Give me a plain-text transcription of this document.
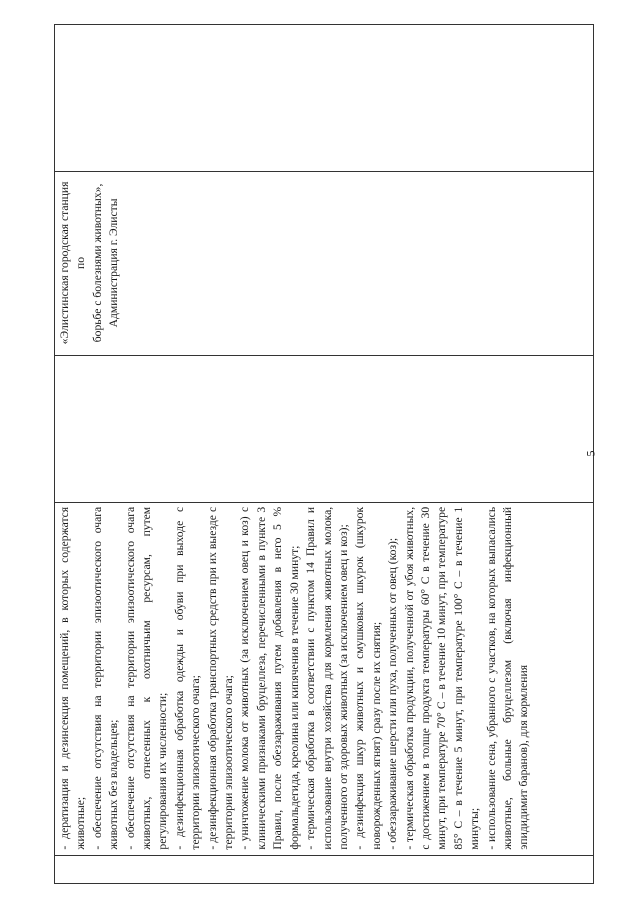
- дератизация и дезинсекция помещений, в которых содержатся животные; - обеспечение отсутствия на территории эпизоотического очага животных без владельцев; - обеспечение отсутствия на территории эпизоотического очага животных, отнесенных к охотничьим ресурсам, путем регулирования их численности; - дезинфекционная обработка одежды и обуви при выходе с территории эпизоотического очага; - дезинфекционная обработка транспортных средств при их выезде с территории эпизоотического очага; - уничтожение молока от животных (за исключением овец и коз) с клиническими признаками бруцеллеза, перечисленными в пункте 3 Правил, после обеззараживания путем добавления в него 5 % формальдегида, креолина или кипячения в течение 30 минут; - термическая обработка в соответствии с пунктом 14 Правил и использование внутри хозяйства для кормления животных молока, полученного от здоровых животных (за исключением овец и коз); - дезинфекция шкур животных и смушковых шкурок (шкурок новорожденных ягнят) сразу после их снятия; - обеззараживание шерсти или пуха, полученных от овец (коз); - термическая обработка продукции, полученной от убоя животных, с достижением в толще продукта температуры 60° С в течение 30 минут, при температуре 70° С – в течение 10 минут, при температуре 85° С – в течение 5 минут, при температуре 100° С – в течение 1 минуты; - использование сена, убранного с участков, на которых выпасались животные, больные бруцеллезом (включая инфекционный эпидидимит баранов), для кормления

«Элистинская городская станция по борьбе с болезнями животных», Администрация г. Элисты

5
